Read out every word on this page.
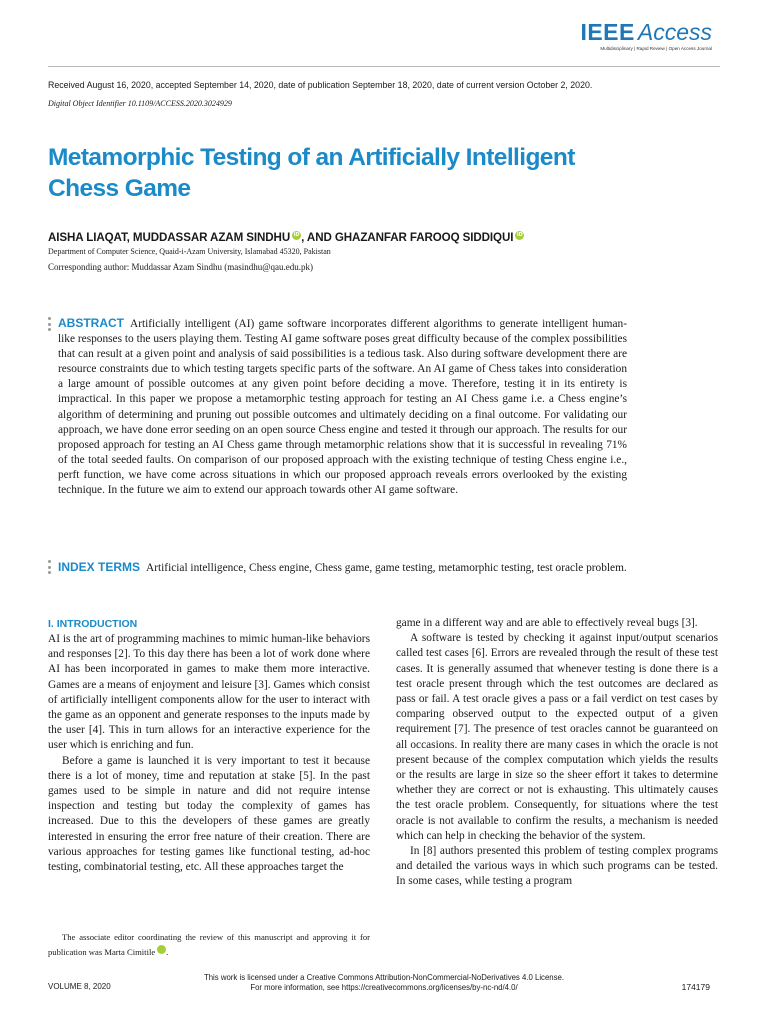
IEEE Access
Multidisciplinary | Rapid Review | Open Access Journal
Received August 16, 2020, accepted September 14, 2020, date of publication September 18, 2020, date of current version October 2, 2020.
Digital Object Identifier 10.1109/ACCESS.2020.3024929
Metamorphic Testing of an Artificially Intelligent Chess Game
AISHA LIAQAT, MUDDASSAR AZAM SINDHU iD , AND GHAZANFAR FAROOQ SIDDIQUI iD
Department of Computer Science, Quaid-i-Azam University, Islamabad 45320, Pakistan
Corresponding author: Muddassar Azam Sindhu (masindhu@qau.edu.pk)
ABSTRACT Artificially intelligent (AI) game software incorporates different algorithms to generate intelligent human-like responses to the users playing them. Testing AI game software poses great difficulty because of the complex possibilities that can result at a given point and analysis of said possibilities is a tedious task. Also during software development there are resource constraints due to which testing targets specific parts of the software. An AI game of Chess takes into consideration a large amount of possible outcomes at any given point before deciding a move. Therefore, testing it in its entirety is impractical. In this paper we propose a metamorphic testing approach for testing an AI Chess game i.e. a Chess engine’s algorithm of determining and pruning out possible outcomes and ultimately deciding on a final outcome. For validating our approach, we have done error seeding on an open source Chess engine and tested it through our approach. The results for our proposed approach for testing an AI Chess game through metamorphic relations show that it is successful in revealing 71% of the total seeded faults. On comparison of our proposed approach with the existing technique of testing Chess engine i.e., perft function, we have come across situations in which our proposed approach reveals errors overlooked by the existing technique. In the future we aim to extend our approach towards other AI game software.
INDEX TERMS Artificial intelligence, Chess engine, Chess game, game testing, metamorphic testing, test oracle problem.
I. INTRODUCTION

AI is the art of programming machines to mimic human-like behaviors and responses [2]. To this day there has been a lot of work done where AI has been incorporated in games to make them more interactive. Games are a means of enjoyment and leisure [3]. Games which consist of artificially intelligent components allow for the user to interact with the game as an opponent and generate responses to the inputs made by the user [4]. This in turn allows for an interactive experience for the user which is enriching and fun.

Before a game is launched it is very important to test it because there is a lot of money, time and reputation at stake [5]. In the past games used to be simple in nature and did not require intense inspection and testing but today the complexity of games has increased. Due to this the developers of these games are greatly interested in ensuring the error free nature of their creation. There are various approaches for testing games like functional testing, ad-hoc testing, combinatorial testing, etc. All these approaches target the

The associate editor coordinating the review of this manuscript and approving it for publication was Marta Cimitile	iD.

game in a different way and are able to effectively reveal bugs [3].

A software is tested by checking it against input/output scenarios called test cases [6]. Errors are revealed through the result of these test cases. It is generally assumed that whenever testing is done there is a test oracle present through which the test outcomes are declared as pass or fail. A test oracle gives a pass or a fail verdict on test cases by comparing observed output to the expected output of a given requirement [7]. The presence of test oracles cannot be guaranteed on all occasions. In reality there are many cases in which the oracle is not present because of the complex computation which yields the results or the results are large in size so the sheer effort it takes to determine whether they are correct or not is exhausting. This ultimately causes the test oracle problem. Consequently, for situations where the test oracle is not available to confirm the results, a mechanism is needed which can help in checking the behavior of the system.

In [8] authors presented this problem of testing complex programs and detailed the various ways in which such programs can be tested. In some cases, while testing a program

This work is licensed under a Creative Commons Attribution-NonCommercial-NoDerivatives 4.0 License.
For more information, see https://creativecommons.org/licenses/by-nc-nd/4.0/
VOLUME 8, 2020	174179
